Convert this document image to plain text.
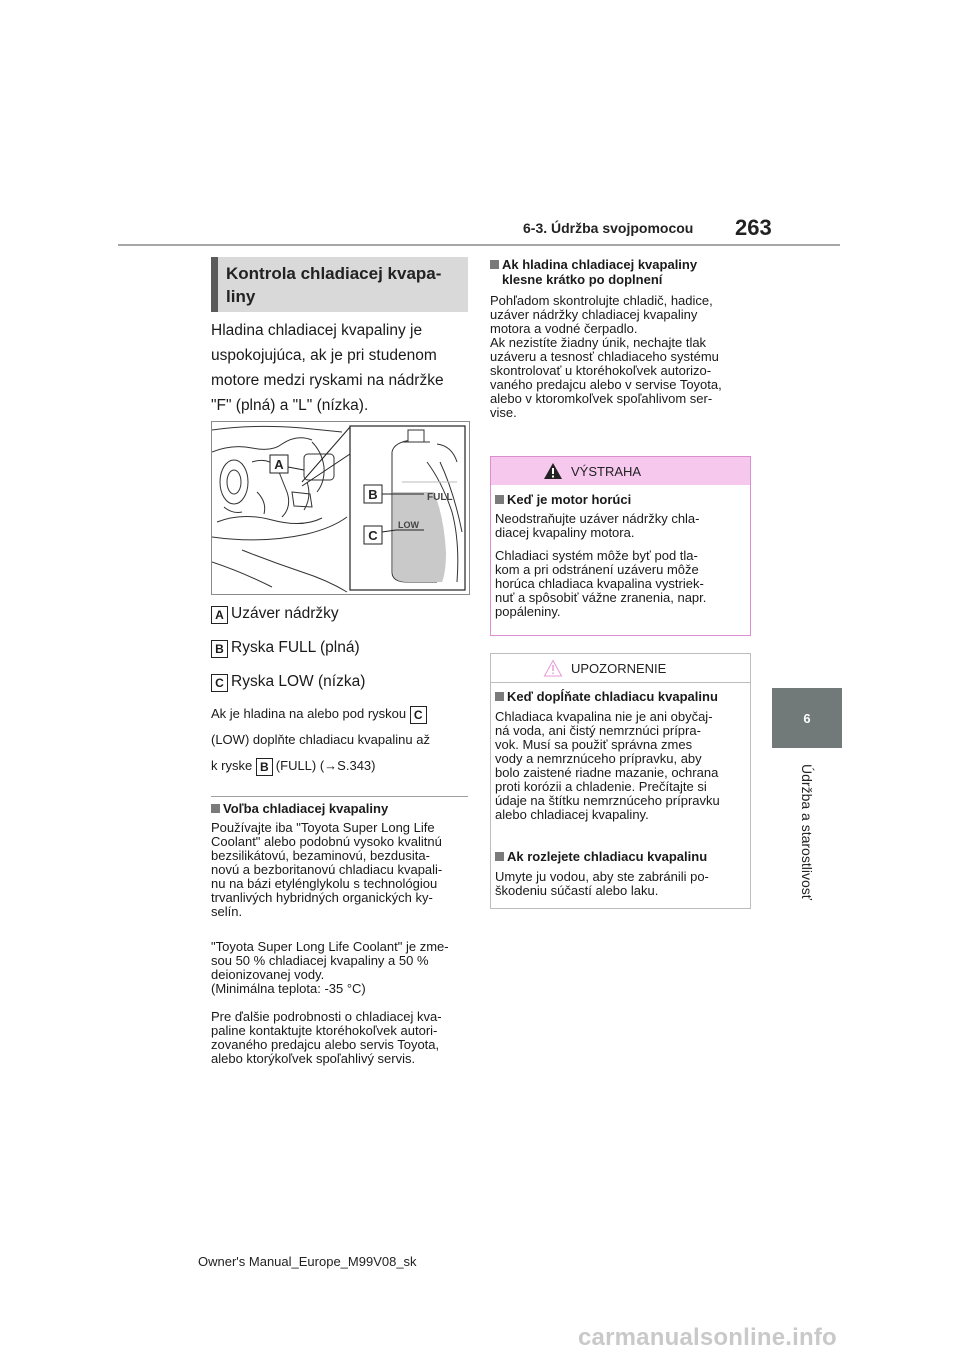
6-3. Údržba svojpomocou 263
6
Údržba a starostlivosť
Kontrola chladiacej kvapa-
liny
Hladina chladiacej kvapaliny je
uspokojujúca, ak je pri studenom
motore medzi ryskami na nádržke
"F" (plná) a "L" (nízka).
A
FULL
LOW
B
C
A Uzáver nádržky
B Ryska FULL (plná)
C Ryska LOW (nízka)
Ak je hladina na alebo pod ryskou C
(LOW) doplňte chladiacu kvapalinu až
k ryske B (FULL) (→S.343)
Voľba chladiacej kvapaliny
Používajte iba "Toyota Super Long Life
Coolant" alebo podobnú vysoko kvalitnú
bezsilikátovú, bezaminovú, bezdusita-
novú a bezboritanovú chladiacu kvapali-
nu na bázi etylénglykolu s technológiou
trvanlivých hybridných organických ky-
selín.
"Toyota Super Long Life Coolant" je zme-
sou 50 % chladiacej kvapaliny a 50 %
deionizovanej vody.
(Minimálna teplota: -35 °C)
Pre ďalšie podrobnosti o chladiacej kva-
paline kontaktujte ktoréhokoľvek autori-
zovaného predajcu alebo servis Toyota,
alebo ktorýkoľvek spoľahlivý servis.
Ak hladina chladiacej kvapaliny
klesne krátko po doplnení
Pohľadom skontrolujte chladič, hadice,
uzáver nádržky chladiacej kvapaliny
motora a vodné čerpadlo.
Ak nezistíte žiadny únik, nechajte tlak
uzáveru a tesnosť chladiaceho systému
skontrolovať u ktoréhokoľvek autorizo-
vaného predajcu alebo v servise Toyota,
alebo v ktoromkoľvek spoľahlivom ser-
vise.
VÝSTRAHA
Keď je motor horúci
Neodstraňujte uzáver nádržky chla-
diacej kvapaliny motora.
Chladiaci systém môže byť pod tla-
kom a pri odstránení uzáveru môže
horúca chladiaca kvapalina vystriek-
nuť a spôsobiť vážne zranenia, napr.
popáleniny.
UPOZORNENIE
Keď dopĺňate chladiacu kvapalinu
Chladiaca kvapalina nie je ani obyčaj-
ná voda, ani čistý nemrznúci prípra-
vok. Musí sa použiť správna zmes
vody a nemrznúceho prípravku, aby
bolo zaistené riadne mazanie, ochrana
proti korózii a chladenie. Prečítajte si
údaje na štítku nemrznúceho prípravku
alebo chladiacej kvapaliny.
Ak rozlejete chladiacu kvapalinu
Umyte ju vodou, aby ste zabránili po-
škodeniu súčastí alebo laku.
Owner's Manual_Europe_M99V08_sk
carmanualsonline.info
